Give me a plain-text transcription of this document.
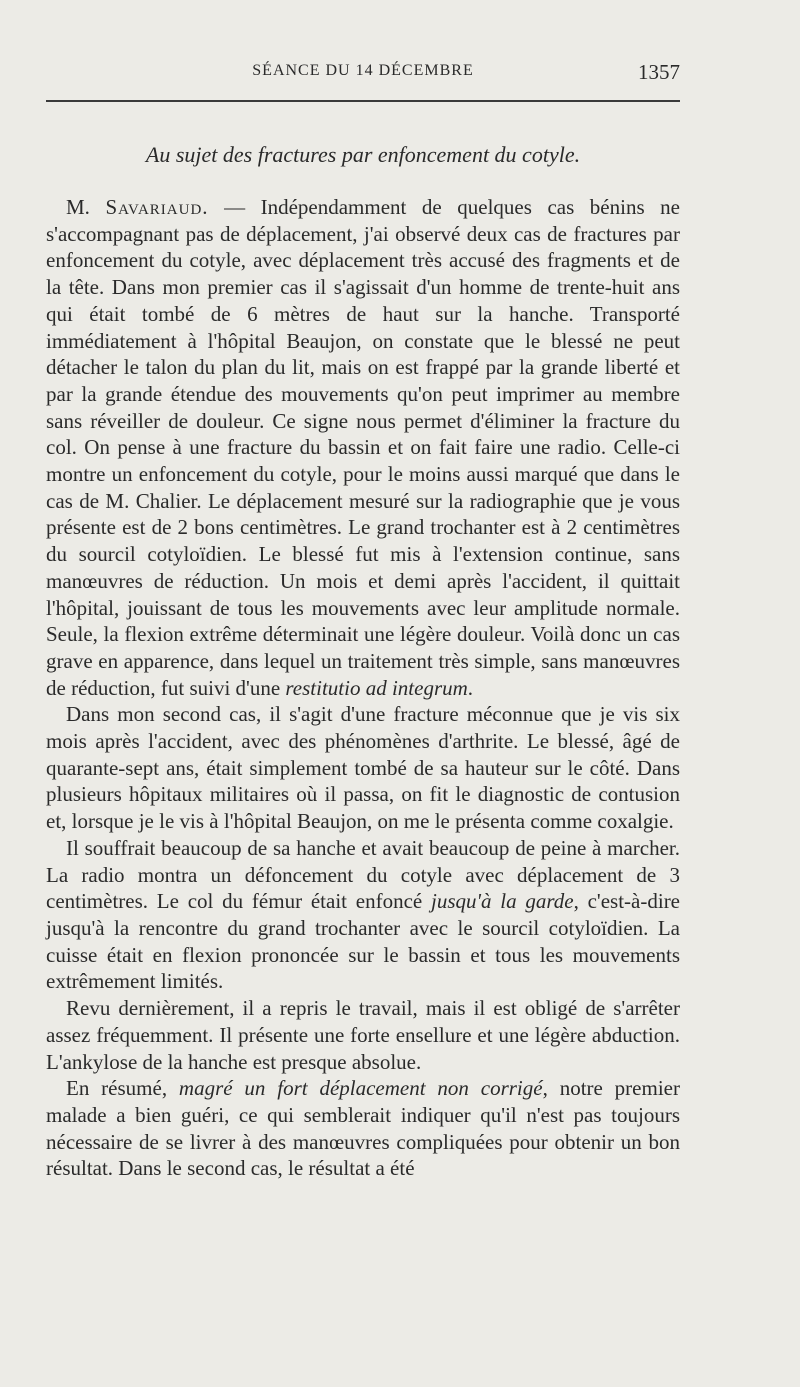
SÉANCE DU 14 DÉCEMBRE	1357
Au sujet des fractures par enfoncement du cotyle.

M. Savariaud. — Indépendamment de quelques cas bénins ne s'accompagnant pas de déplacement, j'ai observé deux cas de fractures par enfoncement du cotyle, avec déplacement très accusé des fragments et de la tête. Dans mon premier cas il s'agissait d'un homme de trente-huit ans qui était tombé de 6 mètres de haut sur la hanche. Transporté immédiatement à l'hôpital Beaujon, on constate que le blessé ne peut détacher le talon du plan du lit, mais on est frappé par la grande liberté et par la grande étendue des mouvements qu'on peut imprimer au membre sans réveiller de douleur. Ce signe nous permet d'éliminer la fracture du col. On pense à une fracture du bassin et on fait faire une radio. Celle-ci montre un enfoncement du cotyle, pour le moins aussi marqué que dans le cas de M. Chalier. Le déplacement mesuré sur la radiographie que je vous présente est de 2 bons centimètres. Le grand trochanter est à 2 centimètres du sourcil cotyloïdien. Le blessé fut mis à l'extension continue, sans manœuvres de réduction. Un mois et demi après l'accident, il quittait l'hôpital, jouissant de tous les mouvements avec leur amplitude normale. Seule, la flexion extrême déterminait une légère douleur. Voilà donc un cas grave en apparence, dans lequel un traitement très simple, sans manœuvres de réduction, fut suivi d'une restitutio ad integrum.

Dans mon second cas, il s'agit d'une fracture méconnue que je vis six mois après l'accident, avec des phénomènes d'arthrite. Le blessé, âgé de quarante-sept ans, était simplement tombé de sa hauteur sur le côté. Dans plusieurs hôpitaux militaires où il passa, on fit le diagnostic de contusion et, lorsque je le vis à l'hôpital Beaujon, on me le présenta comme coxalgie.

Il souffrait beaucoup de sa hanche et avait beaucoup de peine à marcher. La radio montra un défoncement du cotyle avec déplacement de 3 centimètres. Le col du fémur était enfoncé jusqu'à la garde, c'est-à-dire jusqu'à la rencontre du grand trochanter avec le sourcil cotyloïdien. La cuisse était en flexion prononcée sur le bassin et tous les mouvements extrêmement limités.

Revu dernièrement, il a repris le travail, mais il est obligé de s'arrêter assez fréquemment. Il présente une forte ensellure et une légère abduction. L'ankylose de la hanche est presque absolue.

En résumé, magré un fort déplacement non corrigé, notre premier malade a bien guéri, ce qui semblerait indiquer qu'il n'est pas toujours nécessaire de se livrer à des manœuvres compliquées pour obtenir un bon résultat. Dans le second cas, le résultat a été
